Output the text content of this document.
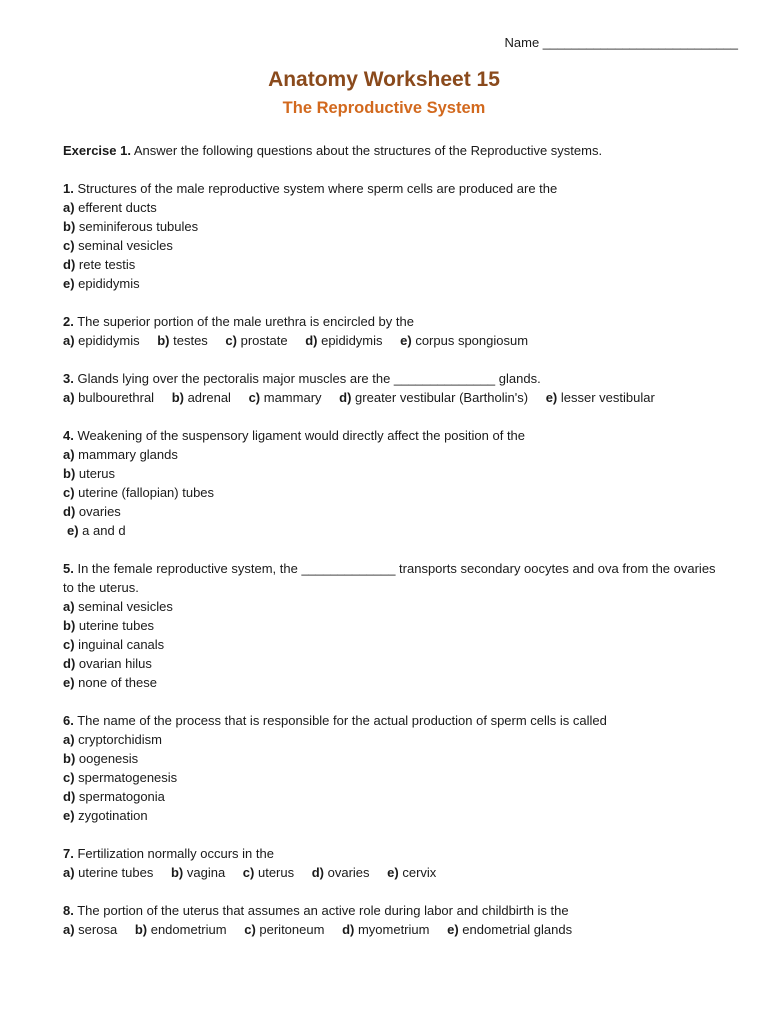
Name ___________________________
Anatomy Worksheet 15
The Reproductive System

Exercise 1. Answer the following questions about the structures of the Reproductive systems.

1. Structures of the male reproductive system where sperm cells are produced are the
a) efferent ducts
b) seminiferous tubules
c) seminal vesicles
d) rete testis
e) epididymis
2. The superior portion of the male urethra is encircled by the
a) epididymis b) testes c) prostate d) epididymis e) corpus spongiosum
3. Glands lying over the pectoralis major muscles are the ______________ glands.
a) bulbourethral b) adrenal c) mammary d) greater vestibular (Bartholin's) e) lesser vestibular
4. Weakening of the suspensory ligament would directly affect the position of the
a) mammary glands
b) uterus
c) uterine (fallopian) tubes
d) ovaries
e) a and d
5. In the female reproductive system, the _____________ transports secondary oocytes and ova from the ovaries to the uterus.
a) seminal vesicles
b) uterine tubes
c) inguinal canals
d) ovarian hilus
e) none of these
6. The name of the process that is responsible for the actual production of sperm cells is called
a) cryptorchidism
b) oogenesis
c) spermatogenesis
d) spermatogonia
e) zygotination
7. Fertilization normally occurs in the
a) uterine tubes b) vagina c) uterus d) ovaries e) cervix
8. The portion of the uterus that assumes an active role during labor and childbirth is the
a) serosa b) endometrium c) peritoneum d) myometrium e) endometrial glands
